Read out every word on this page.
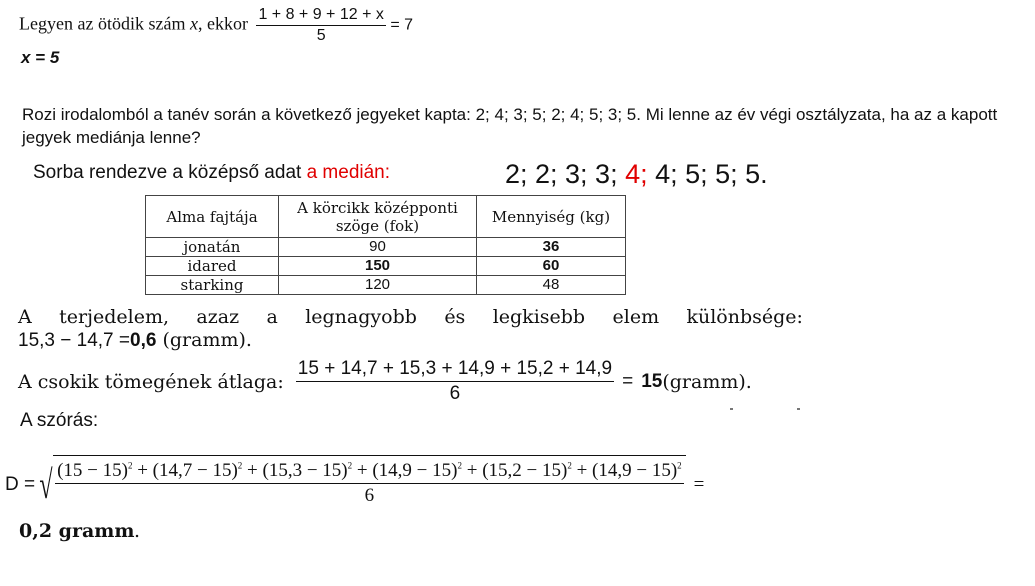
Legyen az ötödik szám x, ekkor $\frac{1 + 8 + 9 + 12 + x}{5} = 7$
x = 5
Rozi irodalomból a tanév során a következő jegyeket kapta: 2; 4; 3; 5; 2; 4; 5; 3; 5. Mi lenne az év végi osztályzata, ha az a kapott jegyek mediánja lenne?
Sorba rendezve a középső adat a medián:	2; 2; 3; 3; 4; 4; 5; 5; 5.
Alma fajtája	A körcikk középponti szöge (fok)	Mennyiség (kg)
jonatán	90	36
idared	150	60
starking	120	48
A terjedelem, azaz a legnagyobb és legkisebb elem különbsége:
15,3 − 14,7 =0,6 (gramm).
A csokik tömegének átlaga: $\frac{15 + 14,7 + 15,3 + 14,9 + 15,2 + 14,9}{6} = 15$ (gramm).
A szórás:
D = √ $(15 - 15)^2 + (14,7 - 15)^2 + (15,3 - 15)^2 + (14,9 - 15)^2 + (15,2 - 15)^2 + (14,9 - 15)^2$
6
=
0,2 gramm .
